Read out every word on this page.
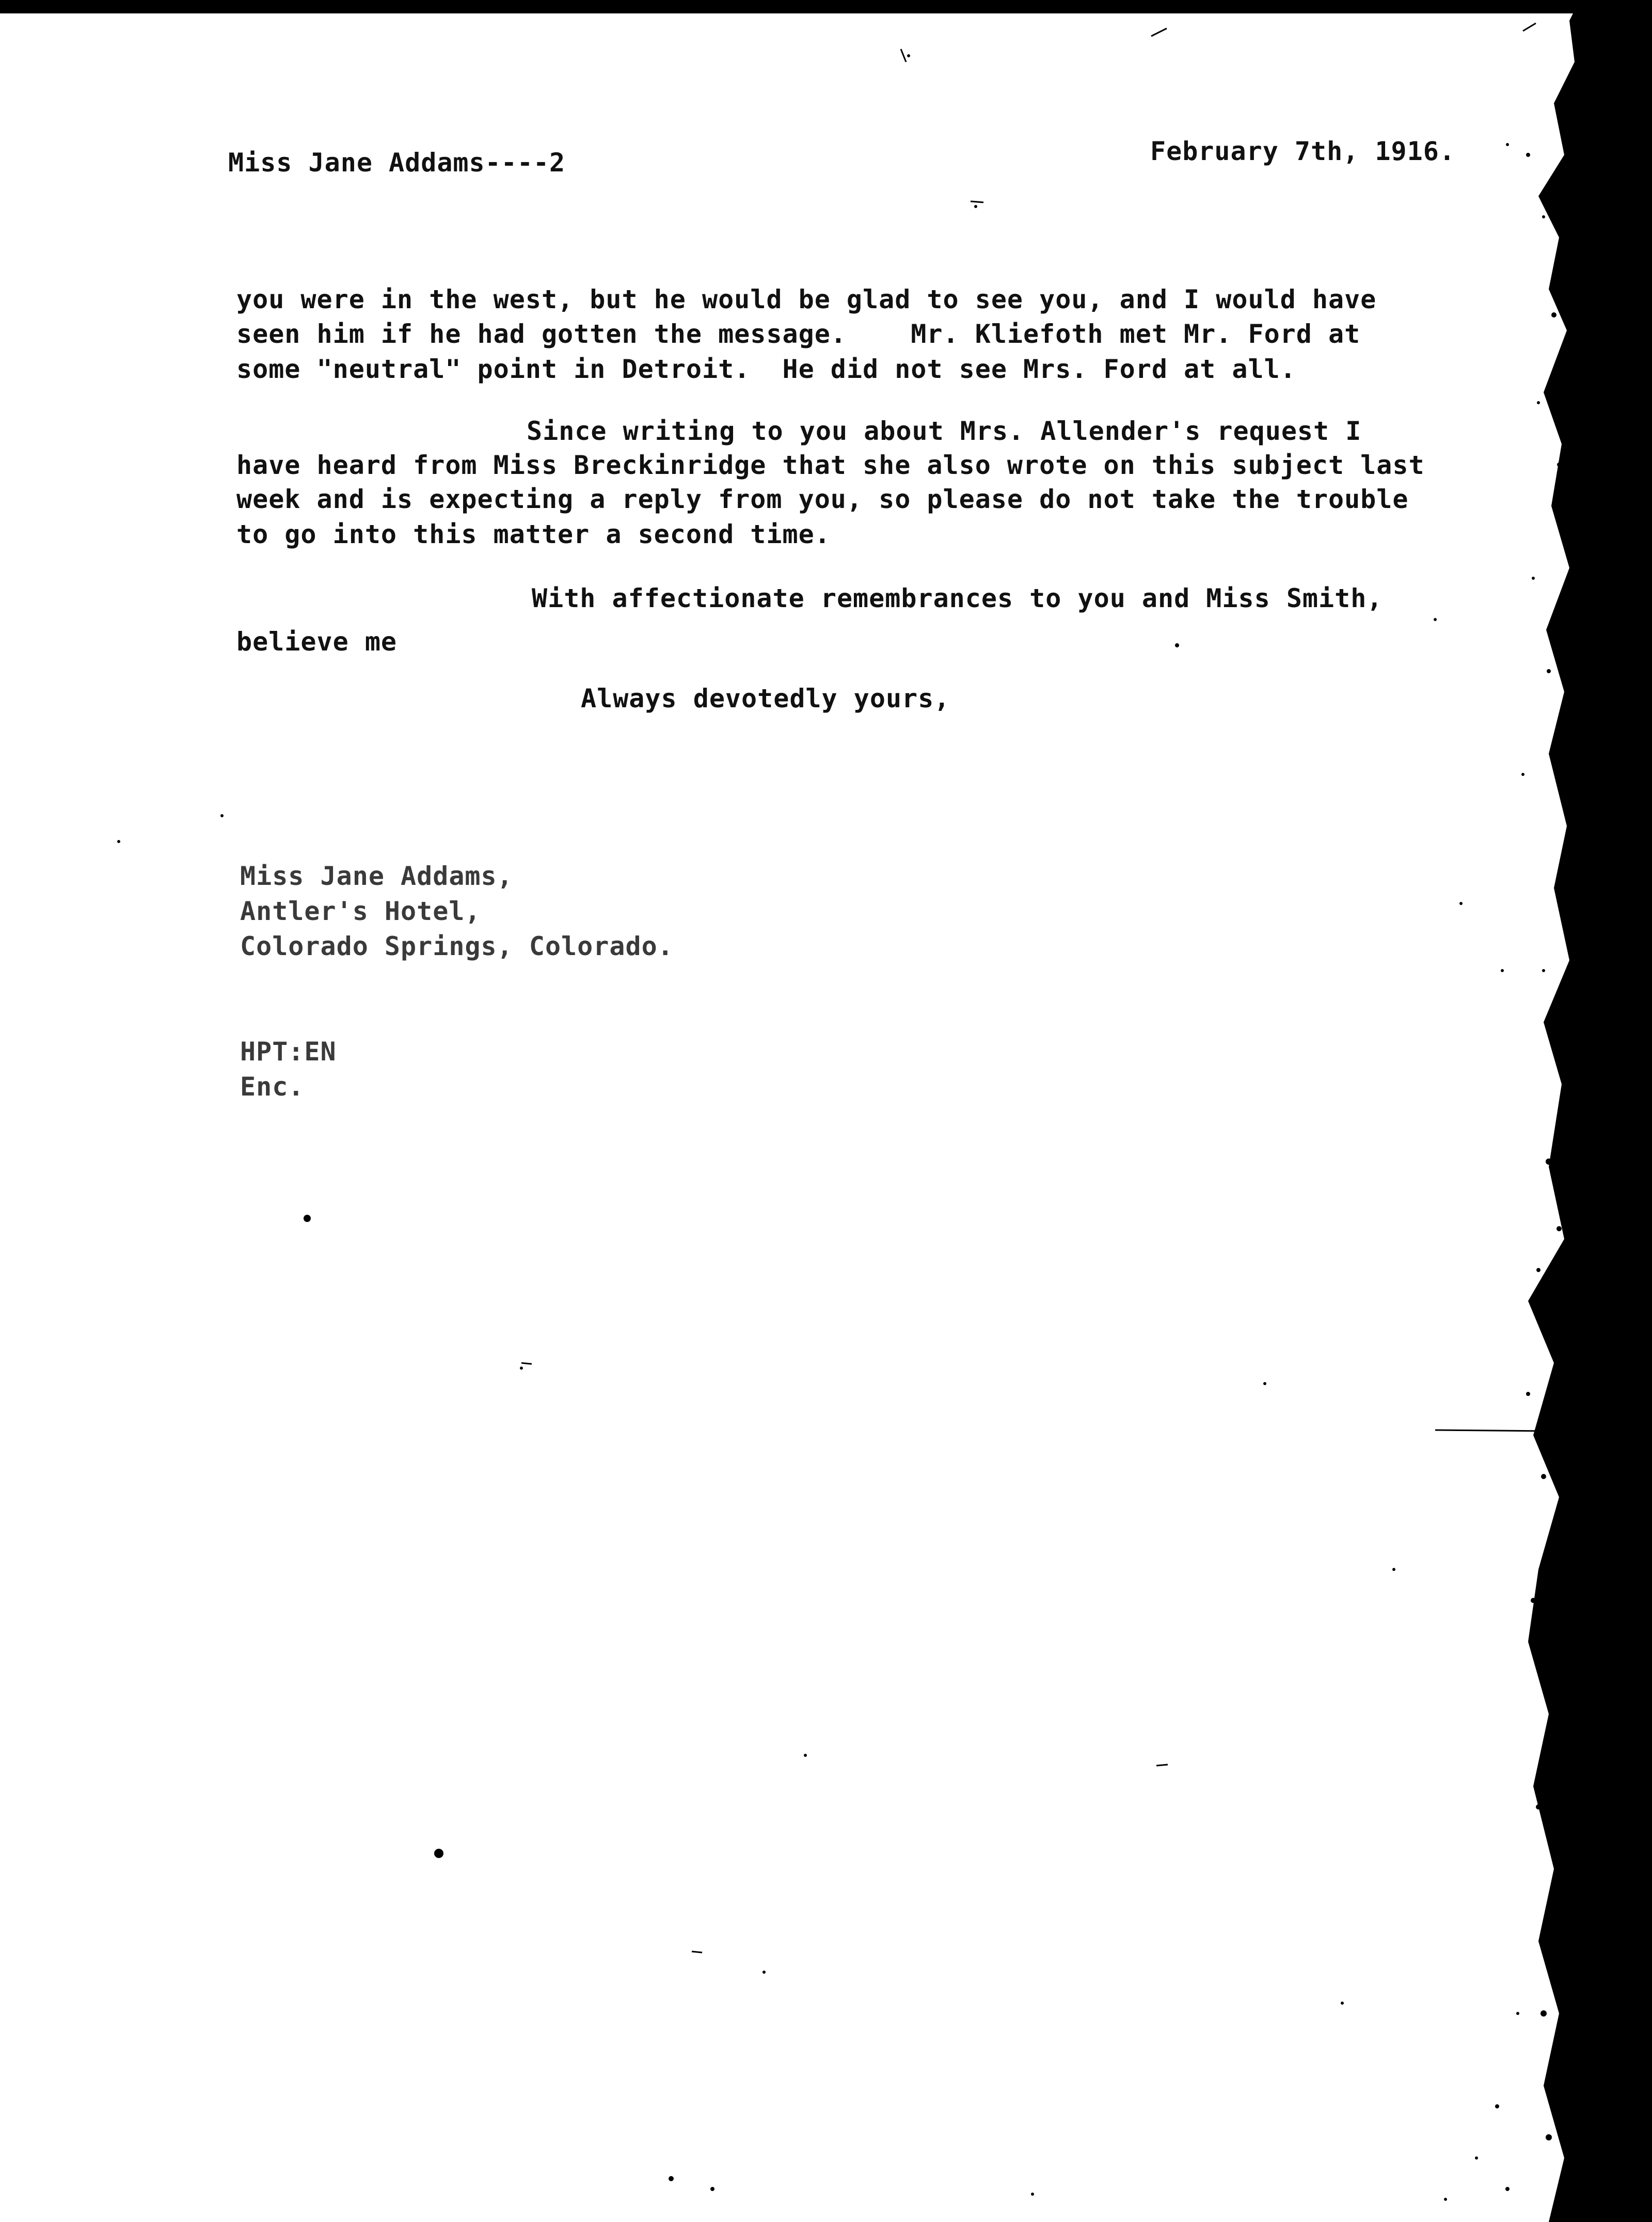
Miss Jane Addams----2	February 7th, 1916.
you were in the west, but he would be glad to see you, and I would have
seen him if he had gotten the message.    Mr. Kliefoth met Mr. Ford at
some "neutral" point in Detroit.  He did not see Mrs. Ford at all.
Since writing to you about Mrs. Allender's request I
have heard from Miss Breckinridge that she also wrote on this subject last
week and is expecting a reply from you, so please do not take the trouble
to go into this matter a second time.
With affectionate remembrances to you and Miss Smith,
believe me
Always devotedly yours,
Miss Jane Addams,
Antler's Hotel,
Colorado Springs, Colorado.
HPT:EN
Enc.
